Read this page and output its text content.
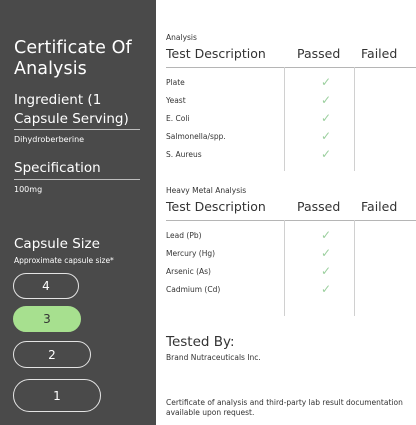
Certificate Of Analysis
Ingredient (1 Capsule Serving)
Dihydroberberine
Specification
100mg
Capsule Size
Approximate capsule size*
4
3
2
1
Analysis
Test Description Passed Failed
Plate	✓
Yeast	✓
E. Coli	✓
Salmonella/spp.	✓
S. Aureus	✓
Heavy Metal Analysis
Test Description Passed Failed
Lead (Pb)	✓
Mercury (Hg)	✓
Arsenic (As)	✓
Cadmium (Cd)	✓
Tested By:
Brand Nutraceuticals Inc.
Certificate of analysis and third-party lab result documentation available upon request.
